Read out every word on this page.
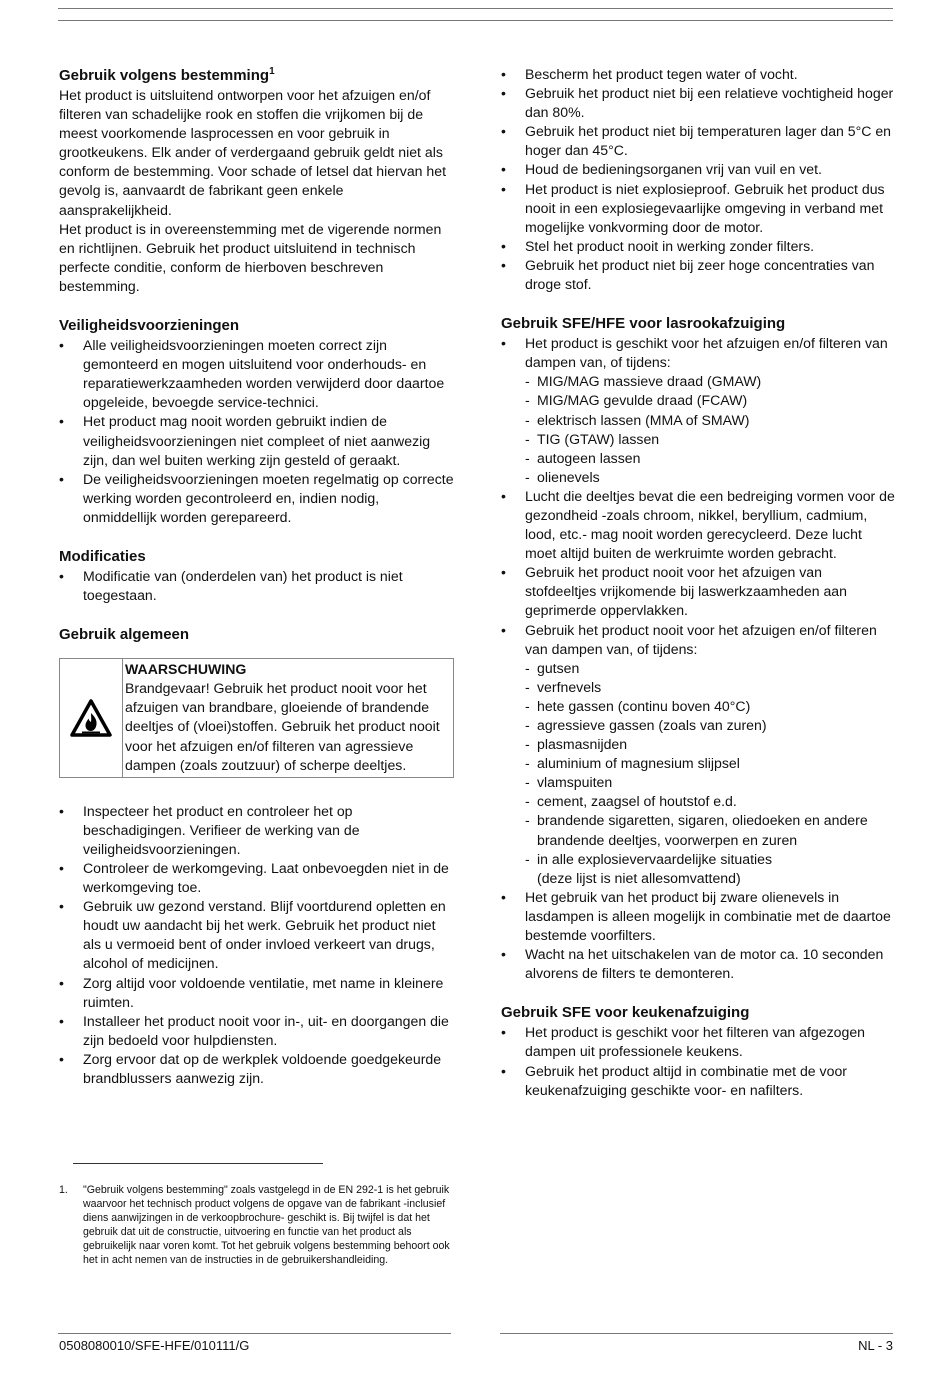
Gebruik volgens bestemming$^1$

Het product is uitsluitend ontworpen voor het afzuigen en/of filteren van schadelijke rook en stoffen die vrijkomen bij de meest voorkomende lasprocessen en voor gebruik in grootkeukens. Elk ander of verdergaand gebruik geldt niet als conform de bestemming. Voor schade of letsel dat hiervan het gevolg is, aanvaardt de fabrikant geen enkele aansprakelijkheid.

Het product is in overeenstemming met de vigerende normen en richtlijnen. Gebruik het product uitsluitend in technisch perfecte conditie, conform de hierboven beschreven bestemming.

Veiligheidsvoorzieningen
• Alle veiligheidsvoorzieningen moeten correct zijn gemonteerd en mogen uitsluitend voor onderhouds- en reparatiewerkzaamheden worden verwijderd door daartoe opgeleide, bevoegde service-technici.
• Het product mag nooit worden gebruikt indien de veiligheidsvoorzieningen niet compleet of niet aanwezig zijn, dan wel buiten werking zijn gesteld of geraakt.
• De veiligheidsvoorzieningen moeten regelmatig op correcte werking worden gecontroleerd en, indien nodig, onmiddellijk worden gerepareerd.
Modificaties
• Modificatie van (onderdelen van) het product is niet toegestaan.
Gebruik algemeen
WAARSCHUWING
Brandgevaar! Gebruik het product nooit voor het afzuigen van brandbare, gloeiende of brandende deeltjes of (vloei)stoffen. Gebruik het product nooit voor het afzuigen en/of filteren van agressieve dampen (zoals zoutzuur) of scherpe deeltjes.
• Inspecteer het product en controleer het op beschadigingen. Verifieer de werking van de veiligheidsvoorzieningen.
• Controleer de werkomgeving. Laat onbevoegden niet in de werkomgeving toe.
• Gebruik uw gezond verstand. Blijf voortdurend opletten en houdt uw aandacht bij het werk. Gebruik het product niet als u vermoeid bent of onder invloed verkeert van drugs, alcohol of medicijnen.
• Zorg altijd voor voldoende ventilatie, met name in kleinere ruimten.
• Installeer het product nooit voor in-, uit- en doorgangen die zijn bedoeld voor hulpdiensten.
• Zorg ervoor dat op de werkplek voldoende goedgekeurde brandblussers aanwezig zijn.
• Bescherm het product tegen water of vocht.
• Gebruik het product niet bij een relatieve vochtigheid hoger dan 80%.
• Gebruik het product niet bij temperaturen lager dan 5°C en hoger dan 45°C.
• Houd de bedieningsorganen vrij van vuil en vet.
• Het product is niet explosieproof. Gebruik het product dus nooit in een explosiegevaarlijke omgeving in verband met mogelijke vonkvorming door de motor.
• Stel het product nooit in werking zonder filters.
• Gebruik het product niet bij zeer hoge concentraties van droge stof.
Gebruik SFE/HFE voor lasrookafzuiging
• Het product is geschikt voor het afzuigen en/of filteren van dampen van, of tijdens:
- MIG/MAG massieve draad (GMAW)
- MIG/MAG gevulde draad (FCAW)
- elektrisch lassen (MMA of SMAW)
- TIG (GTAW) lassen
- autogeen lassen
- olienevels
• Lucht die deeltjes bevat die een bedreiging vormen voor de gezondheid -zoals chroom, nikkel, beryllium, cadmium, lood, etc.- mag nooit worden gerecycleerd. Deze lucht moet altijd buiten de werkruimte worden gebracht.
• Gebruik het product nooit voor het afzuigen van stofdeeltjes vrijkomende bij laswerkzaamheden aan geprimerde oppervlakken.
• Gebruik het product nooit voor het afzuigen en/of filteren van dampen van, of tijdens:
- gutsen
- verfnevels
- hete gassen (continu boven 40°C)
- agressieve gassen (zoals van zuren)
- plasmasnijden
- aluminium of magnesium slijpsel
- vlamspuiten
- cement, zaagsel of houtstof e.d.
- brandende sigaretten, sigaren, oliedoeken en andere brandende deeltjes, voorwerpen en zuren
- in alle explosievervaardelijke situaties
(deze lijst is niet allesomvattend)
• Het gebruik van het product bij zware olienevels in lasdampen is alleen mogelijk in combinatie met de daartoe bestemde voorfilters.
• Wacht na het uitschakelen van de motor ca. 10 seconden alvorens de filters te demonteren.
Gebruik SFE voor keukenafzuiging
• Het product is geschikt voor het filteren van afgezogen dampen uit professionele keukens.
• Gebruik het product altijd in combinatie met de voor keukenafzuiging geschikte voor- en nafilters.
1.	"Gebruik volgens bestemming" zoals vastgelegd in de EN 292-1 is het gebruik waarvoor het technisch product volgens de opgave van de fabrikant -inclusief diens aanwijzingen in de verkoopbrochure- geschikt is. Bij twijfel is dat het gebruik dat uit de constructie, uitvoering en functie van het product als gebruikelijk naar voren komt. Tot het gebruik volgens bestemming behoort ook het in acht nemen van de instructies in de gebruikershandleiding.
0508080010/SFE-HFE/010111/G	NL - 3
